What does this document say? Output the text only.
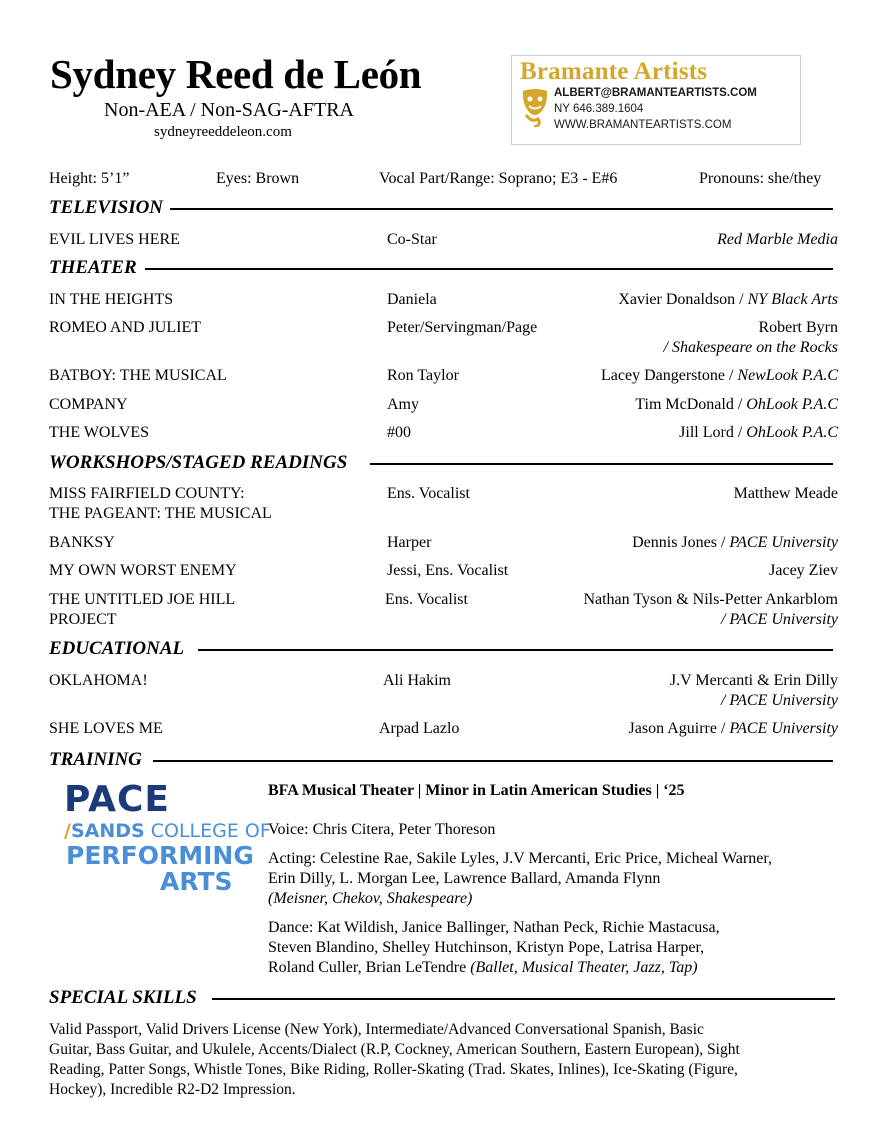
Sydney Reed de León
Non-AEA / Non-SAG-AFTRA
sydneyreeddeleon.com
Bramante Artists
ALBERT@BRAMANTEARTISTS.COM
NY 646.389.1604
WWW.BRAMANTEARTISTS.COM
Height: 5’1”	Eyes: Brown	Vocal Part/Range: Soprano; E3 - E#6	Pronouns: she/they
TELEVISION
EVIL LIVES HERE	Co-Star	Red Marble Media
THEATER
IN THE HEIGHTS	Daniela	Xavier Donaldson / NY Black Arts
ROMEO AND JULIET	Peter/Servingman/Page	Robert Byrn
/ Shakespeare on the Rocks
BATBOY: THE MUSICAL	Ron Taylor	Lacey Dangerstone / NewLook P.A.C
COMPANY	Amy	Tim McDonald / OhLook P.A.C
THE WOLVES	#00	Jill Lord / OhLook P.A.C
WORKSHOPS/STAGED READINGS
MISS FAIRFIELD COUNTY:
THE PAGEANT: THE MUSICAL
Ens. Vocalist	Matthew Meade
BANKSY	Harper	Dennis Jones / PACE University
MY OWN WORST ENEMY	Jessi, Ens. Vocalist	Jacey Ziev
THE UNTITLED JOE HILL
PROJECT
Ens. Vocalist	Nathan Tyson & Nils-Petter Ankarblom
/ PACE University
EDUCATIONAL
OKLAHOMA!	Ali Hakim	J.V Mercanti & Erin Dilly
/ PACE University
SHE LOVES ME	Arpad Lazlo	Jason Aguirre / PACE University
TRAINING
PACE
/SANDS COLLEGE OF
PERFORMING
ARTS
BFA Musical Theater | Minor in Latin American Studies | ‘25
Voice: Chris Citera, Peter Thoreson
Acting: Celestine Rae, Sakile Lyles, J.V Mercanti, Eric Price, Micheal Warner,
Erin Dilly, L. Morgan Lee, Lawrence Ballard, Amanda Flynn
(Meisner, Chekov, Shakespeare)
Dance: Kat Wildish, Janice Ballinger, Nathan Peck, Richie Mastacusa,
Steven Blandino, Shelley Hutchinson, Kristyn Pope, Latrisa Harper,
Roland Culler, Brian LeTendre (Ballet, Musical Theater, Jazz, Tap)
SPECIAL SKILLS
Valid Passport, Valid Drivers License (New York), Intermediate/Advanced Conversational Spanish, Basic
Guitar, Bass Guitar, and Ukulele, Accents/Dialect (R.P, Cockney, American Southern, Eastern European), Sight
Reading, Patter Songs, Whistle Tones, Bike Riding, Roller-Skating (Trad. Skates, Inlines), Ice-Skating (Figure,
Hockey), Incredible R2-D2 Impression.
